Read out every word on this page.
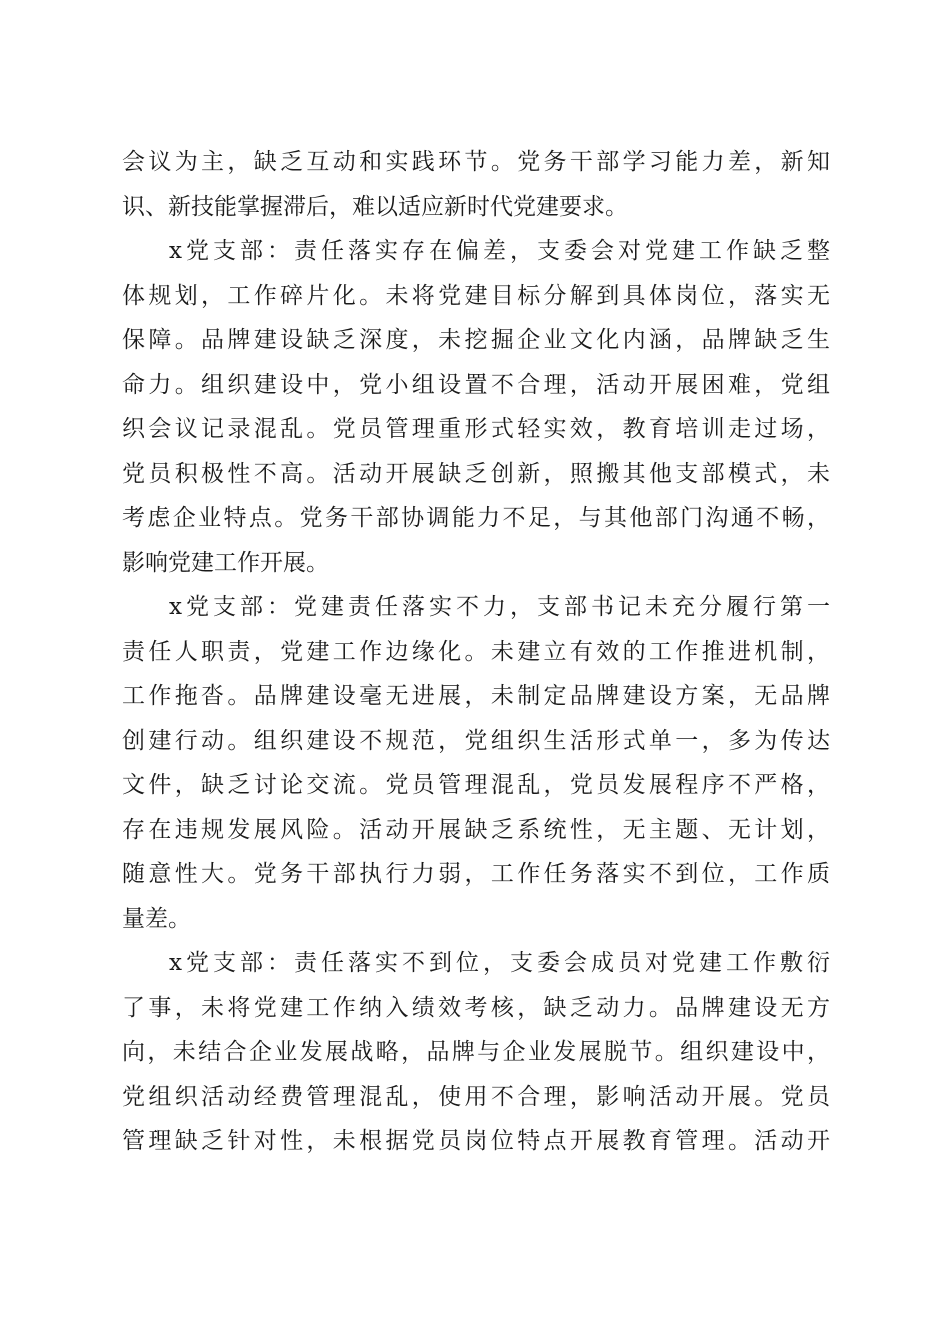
会议为主，缺乏互动和实践环节。党务干部学习能力差，新知
识、新技能掌握滞后，难以适应新时代党建要求。
x党支部：责任落实存在偏差，支委会对党建工作缺乏整
体规划，工作碎片化。未将党建目标分解到具体岗位，落实无
保障。品牌建设缺乏深度，未挖掘企业文化内涵，品牌缺乏生
命力。组织建设中，党小组设置不合理，活动开展困难，党组
织会议记录混乱。党员管理重形式轻实效，教育培训走过场，
党员积极性不高。活动开展缺乏创新，照搬其他支部模式，未
考虑企业特点。党务干部协调能力不足，与其他部门沟通不畅，
影响党建工作开展。
x党支部：党建责任落实不力，支部书记未充分履行第一
责任人职责，党建工作边缘化。未建立有效的工作推进机制，
工作拖沓。品牌建设毫无进展，未制定品牌建设方案，无品牌
创建行动。组织建设不规范，党组织生活形式单一，多为传达
文件，缺乏讨论交流。党员管理混乱，党员发展程序不严格，
存在违规发展风险。活动开展缺乏系统性，无主题、无计划，
随意性大。党务干部执行力弱，工作任务落实不到位，工作质
量差。
x党支部：责任落实不到位，支委会成员对党建工作敷衍
了事，未将党建工作纳入绩效考核，缺乏动力。品牌建设无方
向，未结合企业发展战略，品牌与企业发展脱节。组织建设中，
党组织活动经费管理混乱，使用不合理，影响活动开展。党员
管理缺乏针对性，未根据党员岗位特点开展教育管理。活动开
